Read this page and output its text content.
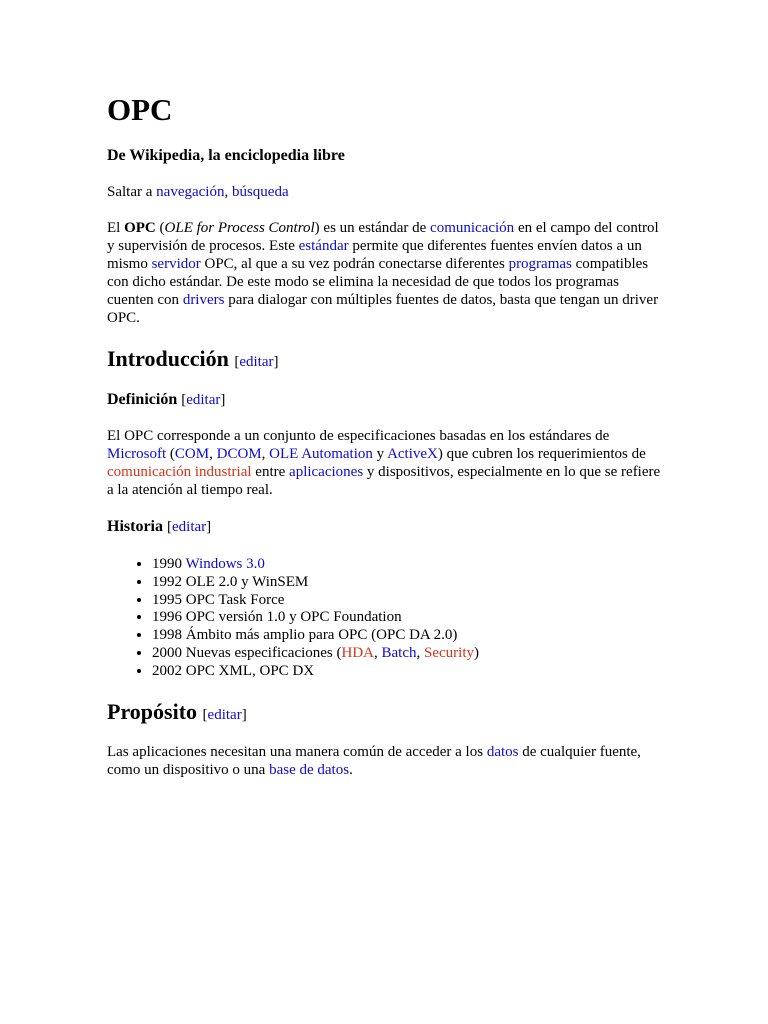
OPC

De Wikipedia, la enciclopedia libre

Saltar a navegación, búsqueda

El OPC (OLE for Process Control) es un estándar de comunicación en el campo del control y supervisión de procesos. Este estándar permite que diferentes fuentes envíen datos a un mismo servidor OPC, al que a su vez podrán conectarse diferentes programas compatibles con dicho estándar. De este modo se elimina la necesidad de que todos los programas cuenten con drivers para dialogar con múltiples fuentes de datos, basta que tengan un driver OPC.

Introducción [editar]

Definición [editar]

El OPC corresponde a un conjunto de especificaciones basadas en los estándares de Microsoft (COM, DCOM, OLE Automation y ActiveX) que cubren los requerimientos de comunicación industrial entre aplicaciones y dispositivos, especialmente en lo que se refiere a la atención al tiempo real.

Historia [editar]

• 1990 Windows 3.0
• 1992 OLE 2.0 y WinSEM
• 1995 OPC Task Force
• 1996 OPC versión 1.0 y OPC Foundation
• 1998 Ámbito más amplio para OPC (OPC DA 2.0)
• 2000 Nuevas especificaciones (HDA, Batch, Security)
• 2002 OPC XML, OPC DX

Propósito [editar]

Las aplicaciones necesitan una manera común de acceder a los datos de cualquier fuente, como un dispositivo o una base de datos.
